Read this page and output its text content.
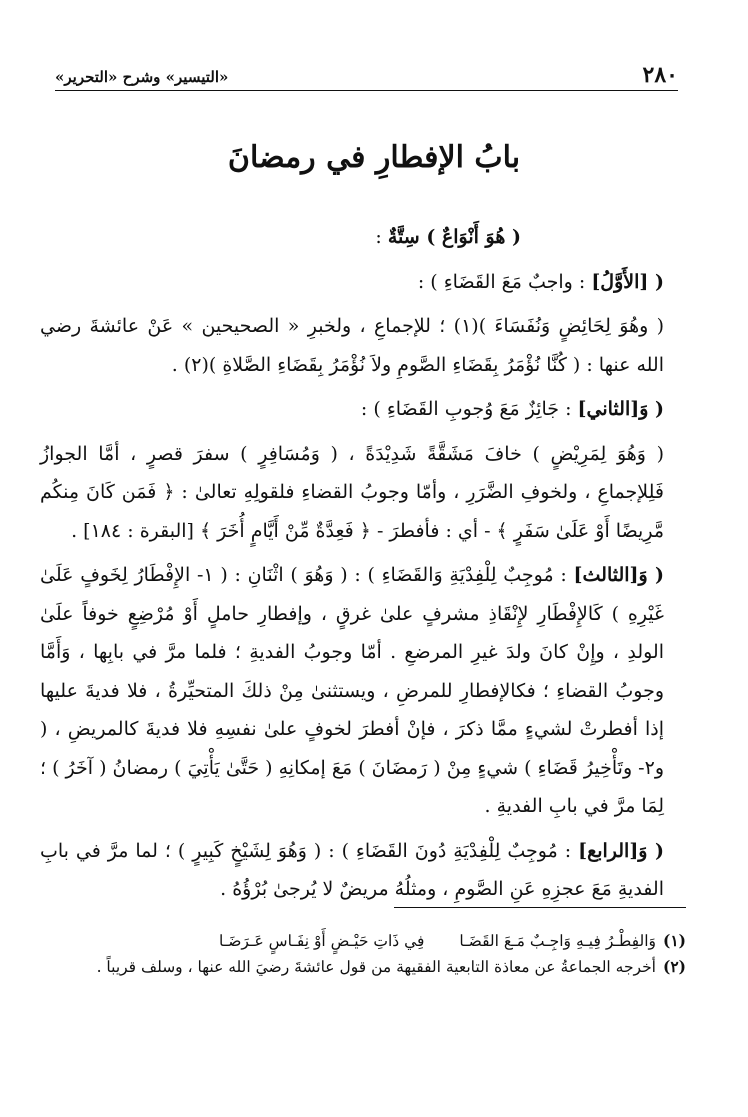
٢٨٠
«التيسير» وشرح «التحرير»
بابُ الإفطارِ في رمضانَ

( هُوَ أَنْوَاعٌ ) سِتَّةٌ :

( [الأَوَّلُ] : واجبٌ مَعَ القَضَاءِ ) :

( وهُوَ لِحَائِضٍ وَنُفَسَاءَ )(١) ؛ للإجماعِ ، ولخبرِ « الصحيحين » عَنْ عائشةَ رضي الله عنها : ( كُنَّا نُؤْمَرُ بِقَضَاءِ الصَّومِ ولاَ نُؤْمَرُ بِقَضَاءِ الصَّلاةِ )(٢) .

( وَ[الثاني] : جَائِزٌ مَعَ وُجوبِ القَضَاءِ ) :

( وَهُوَ لِمَرِيْضٍ ) خافَ مَشَقَّةً شَدِيْدَةً ، ( وَمُسَافِرٍ ) سفرَ قصرٍ ، أمَّا الجوازُ فَلِلإجماعِ ، ولخوفِ الضَّرَرِ ، وأمّا وجوبُ القضاءِ فلقولِهِ تعالىٰ : ﴿ فَمَن كَانَ مِنكُم مَّرِيضًا أَوْ عَلَىٰ سَفَرٍ ﴾ - أي : فأفطرَ - ﴿ فَعِدَّةٌ مِّنْ أَيَّامٍ أُخَرَ ﴾ [البقرة : ١٨٤] .

( وَ[الثالث] : مُوجِبٌ لِلْفِدْيَةِ وَالقَضَاءِ ) : ( وَهُوَ ) اثْنَانِ : ( ١- الإِفْطَارُ لِخَوفٍ عَلَىٰ غَيْرِهِ ) كَالإِفْطَارِ لإِنْقَاذِ مشرفٍ علىٰ غرقٍ ، وإفطارِ حاملٍ أَوْ مُرْضِعٍ خوفاً علَىٰ الولدِ ، وإِنْ كانَ ولدَ غيرِ المرضعِ . أمّا وجوبُ الفديةِ ؛ فلما مرَّ في بابِها ، وَأَمَّا وجوبُ القضاءِ ؛ فكالإفطارِ للمرضِ ، ويستثنىٰ مِنْ ذلكَ المتحيِّرةُ ، فلا فديةَ عليها إذا أفطرتْ لشيءٍ ممَّا ذكرَ ، فإنْ أفطرَ لخوفٍ علىٰ نفسِهِ فلا فديةَ كالمريضِ ، ( و٢- وتَأْخِيرُ قَضَاءِ ) شيءٍ مِنْ ( رَمضَانَ ) مَعَ إمكانِهِ ( حَتَّىٰ يَأْتِيَ ) رمضانُ ( آخَرُ ) ؛ لِمَا مرَّ في بابِ الفديةِ .

( وَ[الرابع] : مُوجِبٌ لِلْفِدْيَةِ دُونَ القَضَاءِ ) : ( وَهُوَ لِشَيْخٍ كَبِيرٍ ) ؛ لما مرَّ في بابِ الفديةِ مَعَ عجزِهِ عَنِ الصَّومِ ، ومثلُهُ مريضٌ لا يُرجىٰ بُرْؤُهُ .

(١)
وَالفِطْـرُ فِيـهِ وَاجِـبٌ مَـعَ القَضَـا فِي ذَاتِ حَيْـضٍ أَوْ نِفَـاسٍ عَـرَضَـا
(٢)
أخرجه الجماعةُ عن معاذة التابعية الفقيهة من قول عائشةَ رضيَ الله عنها ، وسلف قريباً .
